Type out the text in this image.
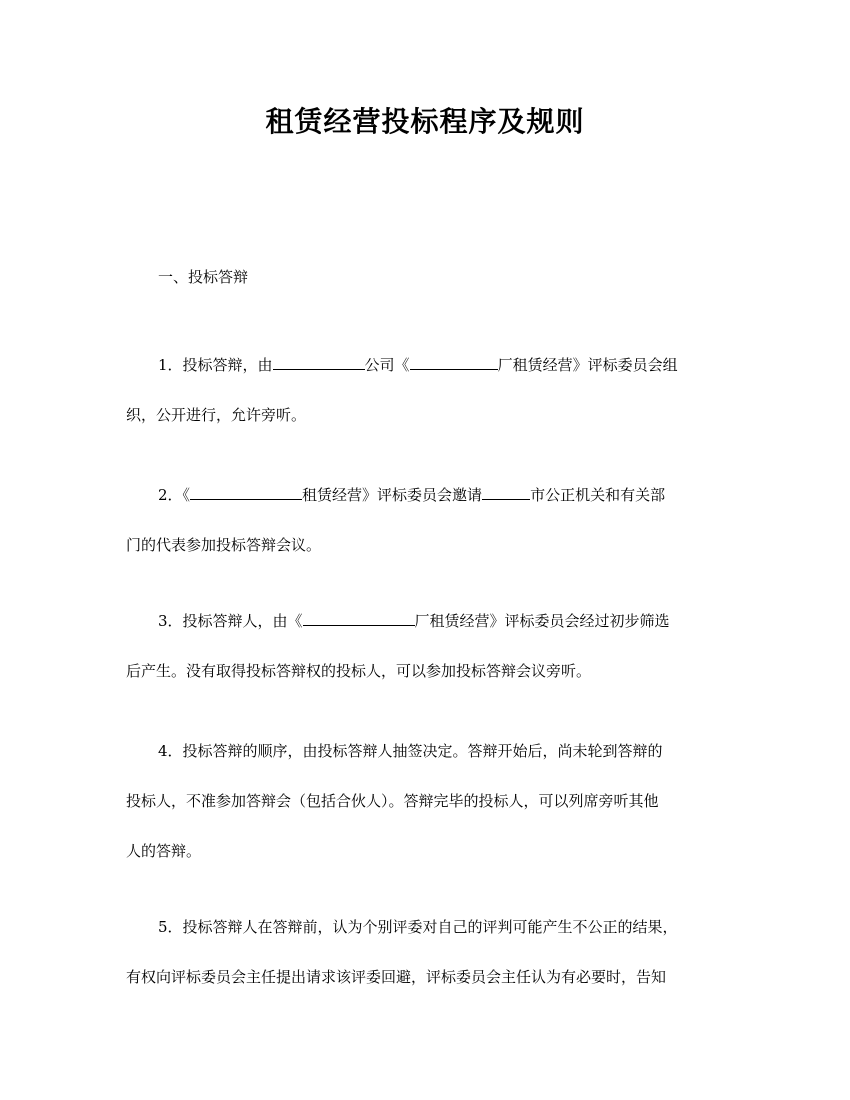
租赁经营投标程序及规则
一、投标答辩
1．投标答辩，由	公司《	厂租赁经营》评标委员会组
织，公开进行，允许旁听。
2．《	租赁经营》评标委员会邀请	市公正机关和有关部
门的代表参加投标答辩会议。
3．投标答辩人，由《	厂租赁经营》评标委员会经过初步筛选
后产生。没有取得投标答辩权的投标人，可以参加投标答辩会议旁听。
4．投标答辩的顺序，由投标答辩人抽签决定。答辩开始后，尚未轮到答辩的
投标人，不准参加答辩会（包括合伙人）。答辩完毕的投标人，可以列席旁听其他
人的答辩。
5．投标答辩人在答辩前，认为个别评委对自己的评判可能产生不公正的结果，
有权向评标委员会主任提出请求该评委回避，评标委员会主任认为有必要时，告知
